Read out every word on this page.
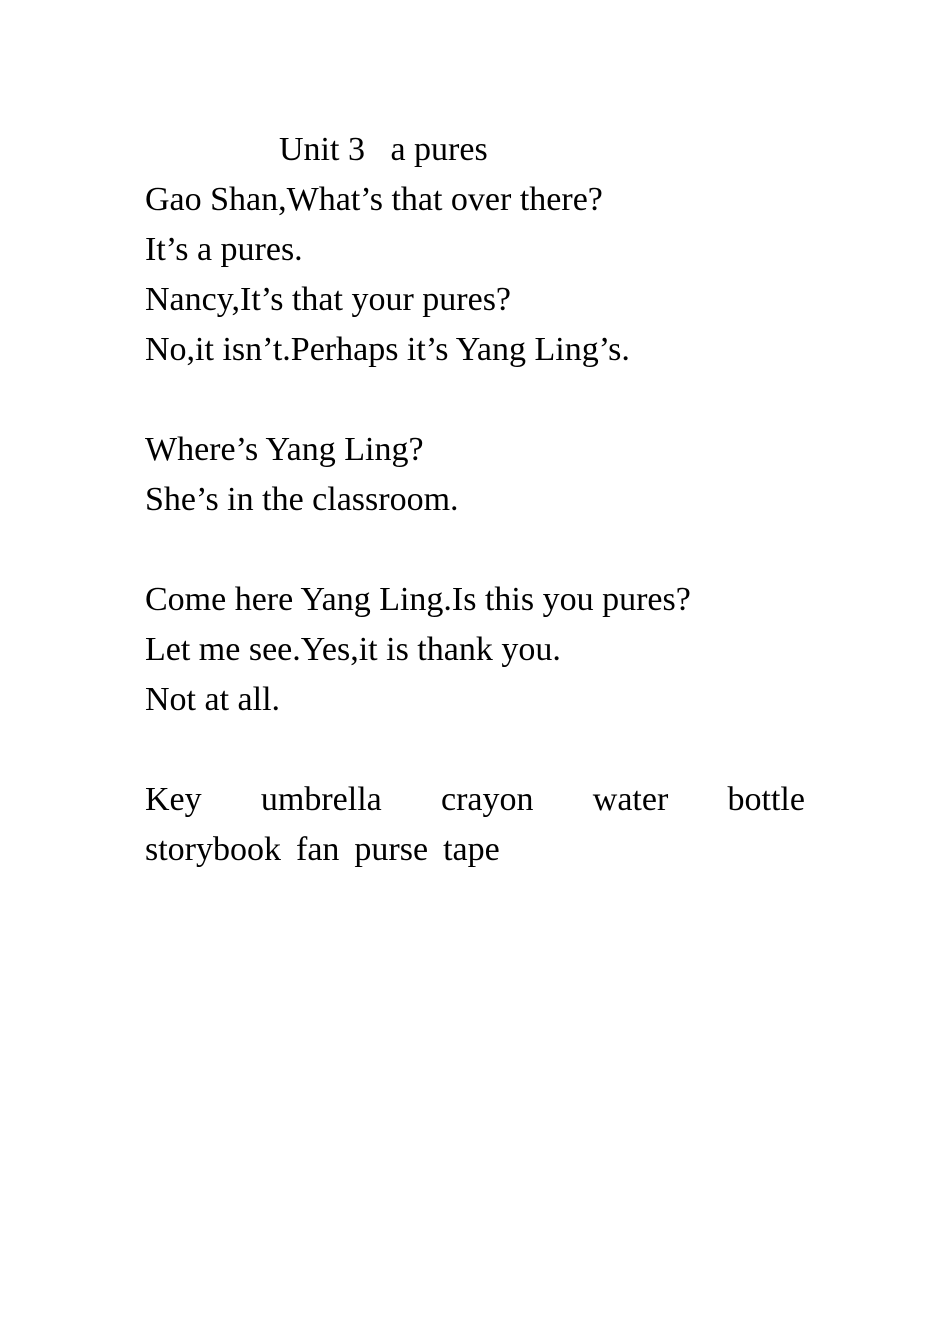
Unit 3 a pures
Gao Shan,What’s that over there?
It’s a pures.
Nancy,It’s that your pures?
No,it isn’t.Perhaps it’s Yang Ling’s.
Where’s Yang Ling?
She’s in the classroom.
Come here Yang Ling.Is this you pures?
Let me see.Yes,it is thank you.
Not at all.
Key umbrella crayon water bottle
storybook fan purse tape
